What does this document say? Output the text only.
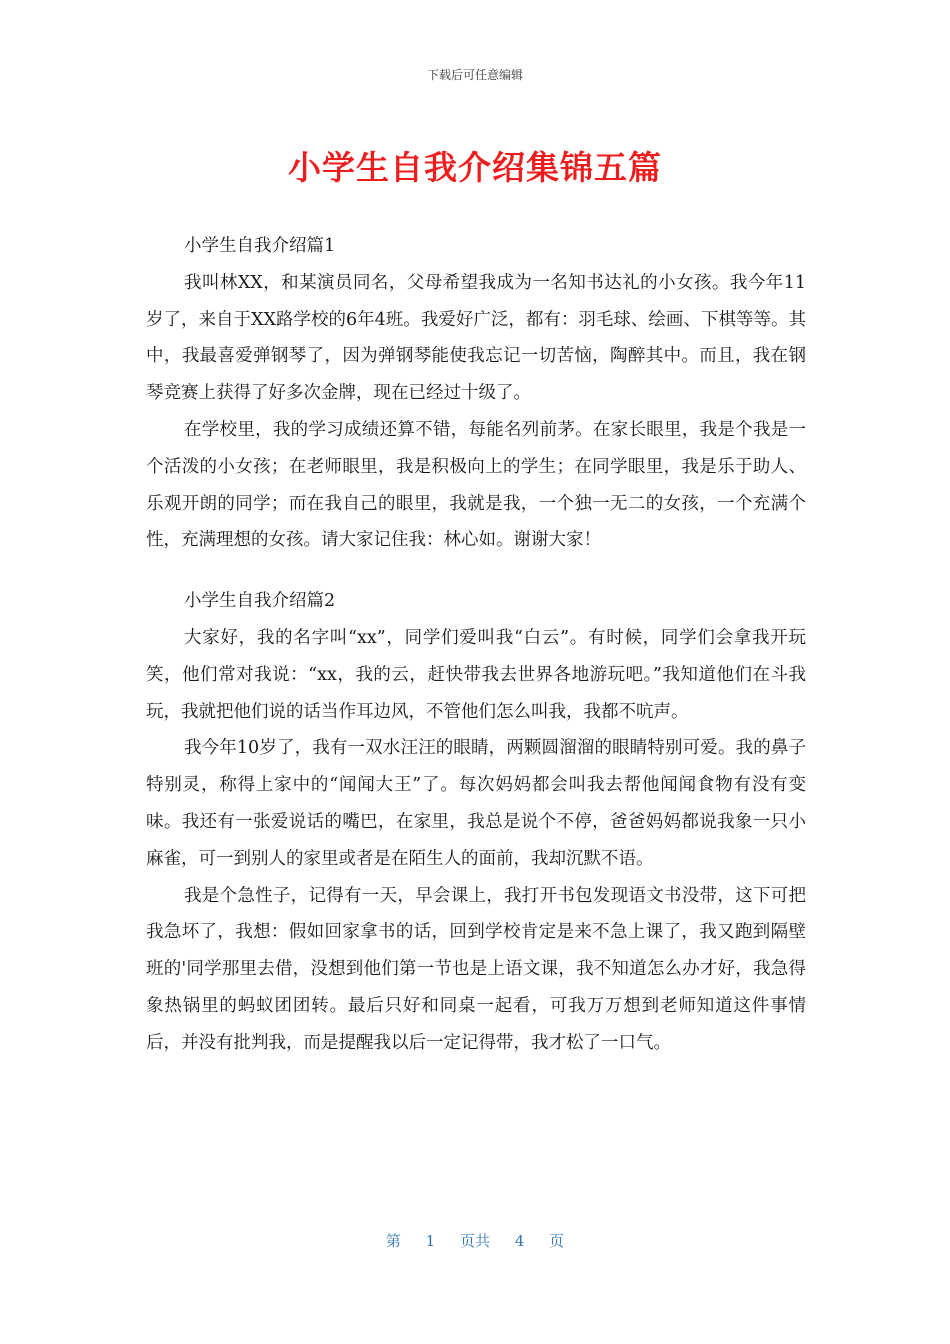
下载后可任意编辑
小学生自我介绍集锦五篇

小学生自我介绍篇1

我叫林XX，和某演员同名，父母希望我成为一名知书达礼的小女孩。我今年11岁了，来自于XX路学校的6年4班。我爱好广泛，都有：羽毛球、绘画、下棋等等。其中，我最喜爱弹钢琴了，因为弹钢琴能使我忘记一切苦恼，陶醉其中。而且，我在钢琴竞赛上获得了好多次金牌，现在已经过十级了。

在学校里，我的学习成绩还算不错，每能名列前茅。在家长眼里，我是个我是一个活泼的小女孩；在老师眼里，我是积极向上的学生；在同学眼里，我是乐于助人、乐观开朗的同学；而在我自己的眼里，我就是我，一个独一无二的女孩，一个充满个性，充满理想的女孩。请大家记住我：林心如。谢谢大家！

小学生自我介绍篇2

大家好，我的名字叫“xx”，同学们爱叫我“白云”。有时候，同学们会拿我开玩笑，他们常对我说：“xx，我的云，赶快带我去世界各地游玩吧。”我知道他们在斗我玩，我就把他们说的话当作耳边风，不管他们怎么叫我，我都不吭声。

我今年10岁了，我有一双水汪汪的眼睛，两颗圆溜溜的眼睛特别可爱。我的鼻子特别灵，称得上家中的“闻闻大王”了。每次妈妈都会叫我去帮他闻闻食物有没有变味。我还有一张爱说话的嘴巴，在家里，我总是说个不停，爸爸妈妈都说我象一只小麻雀，可一到别人的家里或者是在陌生人的面前，我却沉默不语。

我是个急性子，记得有一天，早会课上，我打开书包发现语文书没带，这下可把我急坏了，我想：假如回家拿书的话，回到学校肯定是来不急上课了，我又跑到隔壁班的'同学那里去借，没想到他们第一节也是上语文课，我不知道怎么办才好，我急得象热锅里的蚂蚁团团转。最后只好和同桌一起看，可我万万想到老师知道这件事情后，并没有批判我，而是提醒我以后一定记得带，我才松了一口气。

第 1 页共 4 页
